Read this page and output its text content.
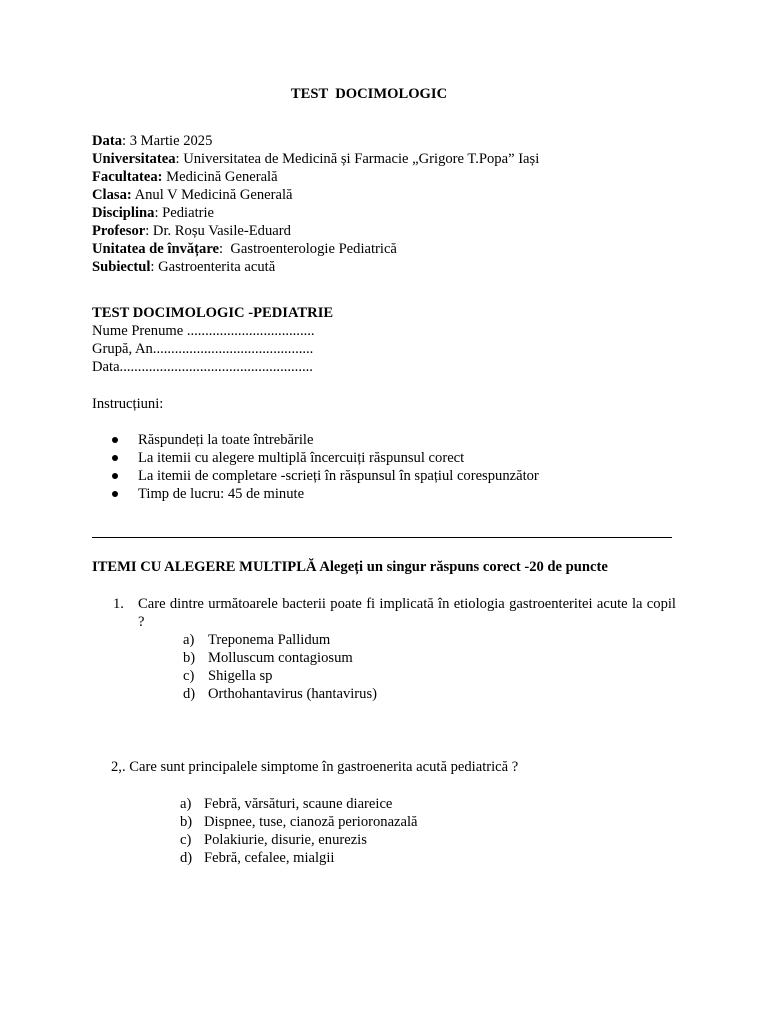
TEST  DOCIMOLOGIC
Data: 3 Martie 2025
Universitatea: Universitatea de Medicină și Farmacie „Grigore T.Popa” Iași
Facultatea: Medicină Generală
Clasa: Anul V Medicină Generală
Disciplina: Pediatrie
Profesor: Dr. Roșu Vasile-Eduard
Unitatea de învățare:  Gastroenterologie Pediatrică
Subiectul: Gastroenterita acută
TEST DOCIMOLOGIC -PEDIATRIE
Nume Prenume ...................................
Grupă, An............................................
Data.....................................................
Instrucțiuni:
Răspundeți la toate întrebările
La itemii cu alegere multiplă încercuiți răspunsul corect
La itemii de completare -scrieți în răspunsul în spațiul corespunzător
Timp de lucru: 45 de minute
ITEMI CU ALEGERE MULTIPLĂ Alegeți un singur răspuns corect -20 de puncte
1. Care dintre următoarele bacterii poate fi implicată în etiologia gastroenteritei acute la copil ?
a) Treponema Pallidum
b) Molluscum contagiosum
c) Shigella sp
d) Orthohantavirus (hantavirus)
2,. Care sunt principalele simptome în gastroenerita acută pediatrică ?
a) Febră, vărsături, scaune diareice
b) Dispnee, tuse, cianoză perioronazală
c) Polakiurie, disurie, enurezis
d) Febră, cefalee, mialgii
